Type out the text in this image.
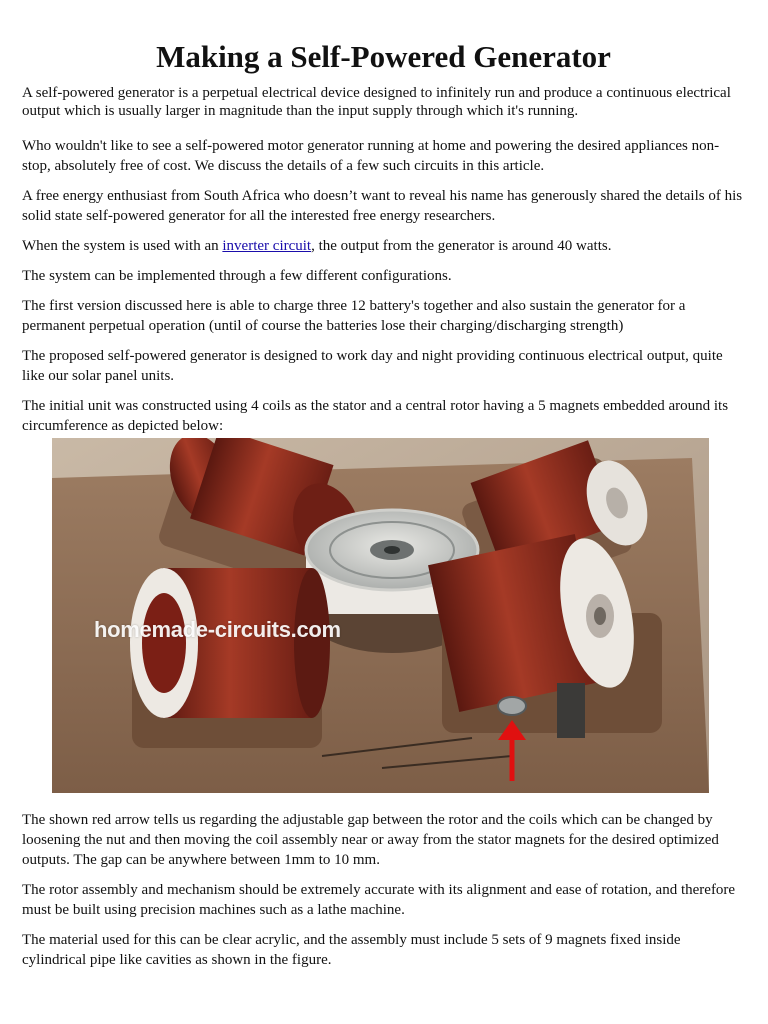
Making a Self-Powered Generator

A self-powered generator is a perpetual electrical device designed to infinitely run and produce a continuous electrical output which is usually larger in magnitude than the input supply through which it's running.

Who wouldn't like to see a self-powered motor generator running at home and powering the desired appliances non-stop, absolutely free of cost. We discuss the details of a few such circuits in this article.

A free energy enthusiast from South Africa who doesn’t want to reveal his name has generously shared the details of his solid state self-powered generator for all the interested free energy researchers.

When the system is used with an inverter circuit, the output from the generator is around 40 watts.

The system can be implemented through a few different configurations.

The first version discussed here is able to charge three 12 battery's together and also sustain the generator for a permanent perpetual operation (until of course the batteries lose their charging/discharging strength)

The proposed self-powered generator is designed to work day and night providing continuous electrical output, quite like our solar panel units.

The initial unit was constructed using 4 coils as the stator and a central rotor having a 5 magnets embedded around its circumference as depicted below:

homemade-circuits.com

The shown red arrow tells us regarding the adjustable gap between the rotor and the coils which can be changed by loosening the nut and then moving the coil assembly near or away from the stator magnets for the desired optimized outputs. The gap can be anywhere between 1mm to 10 mm.

The rotor assembly and mechanism should be extremely accurate with its alignment and ease of rotation, and therefore must be built using precision machines such as a lathe machine.

The material used for this can be clear acrylic, and the assembly must include 5 sets of 9 magnets fixed inside cylindrical pipe like cavities as shown in the figure.
